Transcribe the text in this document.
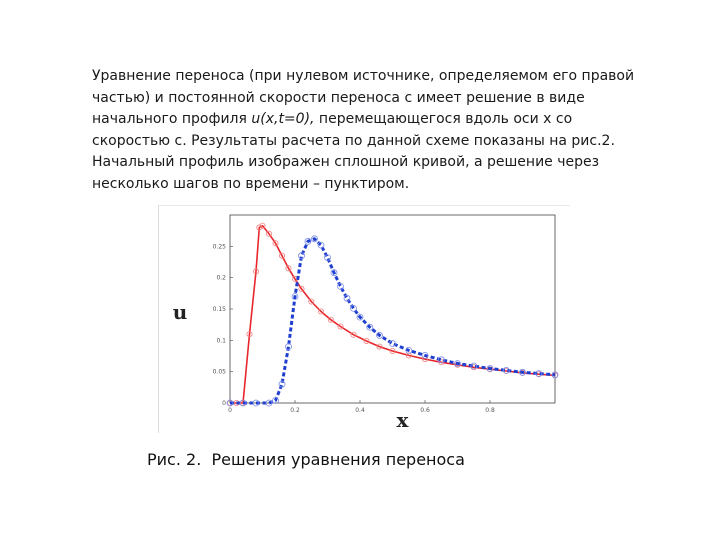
Уравнение переноса (при нулевом источнике, определяемом его правой частью) и постоянной скорости переноса c имеет решение в виде начального профиля u(x,t=0), перемещающегося вдоль оси x со скоростью c. Результаты расчета по данной схеме показаны на рис.2. Начальный профиль изображен сплошной кривой, а решение через несколько шагов по времени – пунктиром.

0	0.2	0.4	0.6	0.8
0
0.05
0.1
0.15
0.2
0.25
x
u
Рис. 2.  Решения уравнения переноса
